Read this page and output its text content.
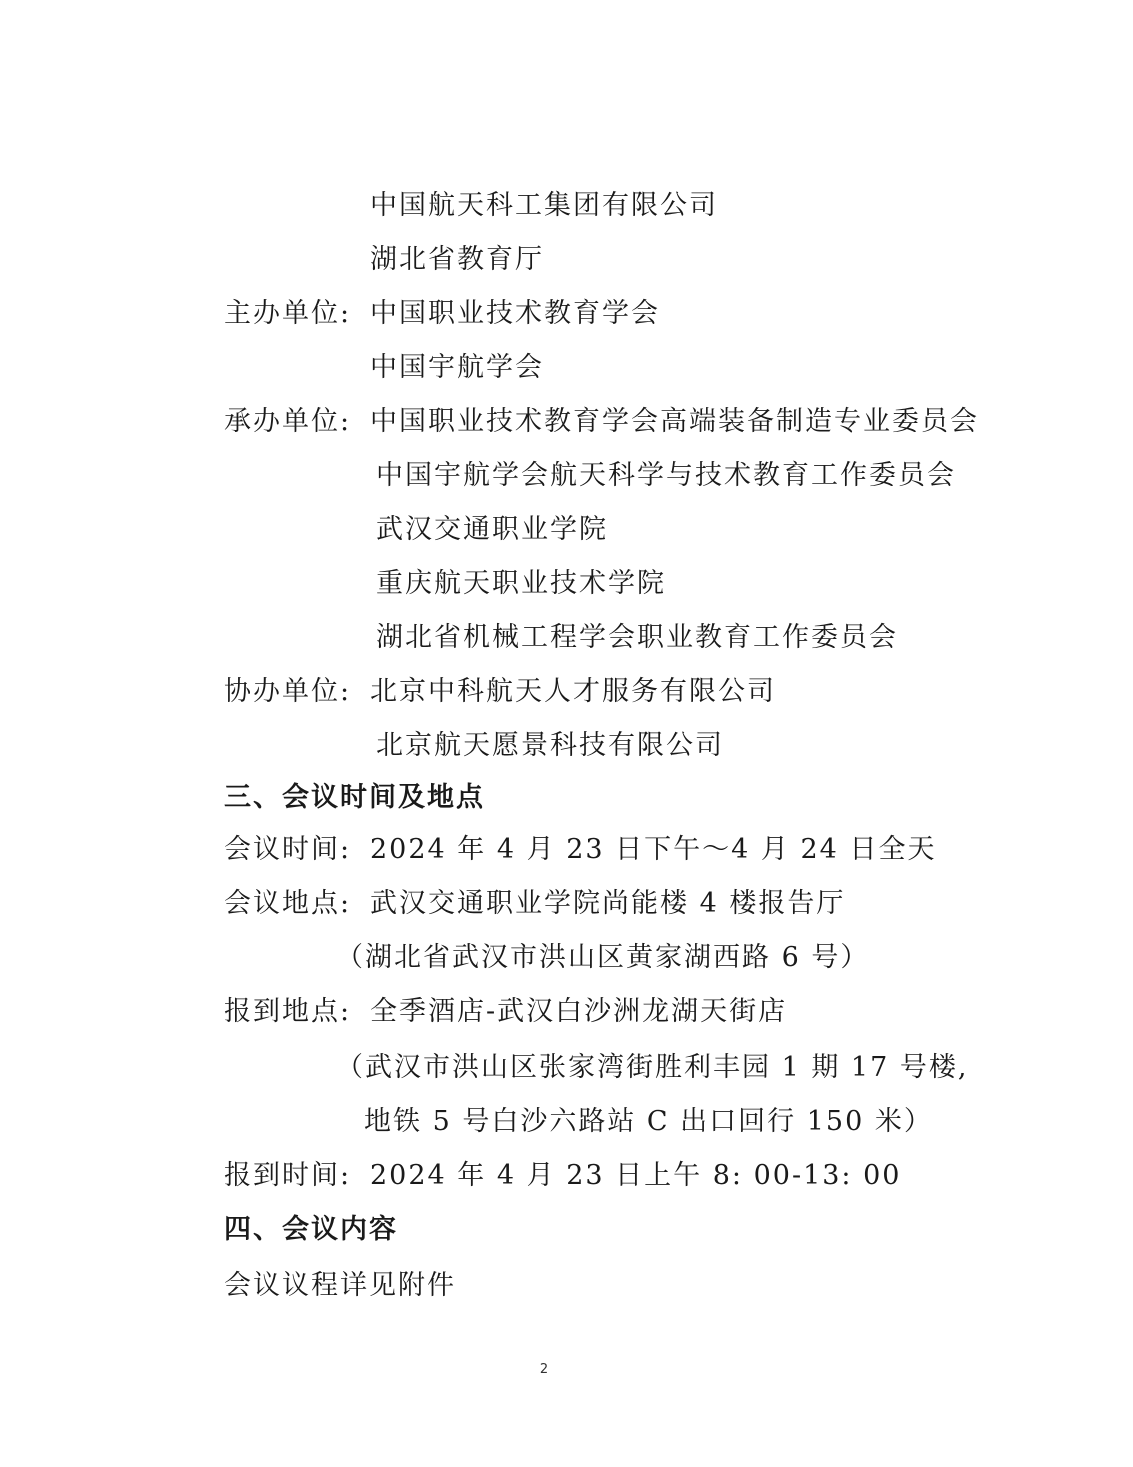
中国航天科工集团有限公司
湖北省教育厅
主办单位: 中国职业技术教育学会
中国宇航学会
承办单位: 中国职业技术教育学会高端装备制造专业委员会
中国宇航学会航天科学与技术教育工作委员会
武汉交通职业学院
重庆航天职业技术学院
湖北省机械工程学会职业教育工作委员会
协办单位: 北京中科航天人才服务有限公司
北京航天愿景科技有限公司
三、会议时间及地点
会议时间: 2024 年 4 月 23 日下午～4 月 24 日全天
会议地点: 武汉交通职业学院尚能楼 4 楼报告厅
（湖北省武汉市洪山区黄家湖西路 6 号）
报到地点: 全季酒店-武汉白沙洲龙湖天街店
（武汉市洪山区张家湾街胜利丰园 1 期 17 号楼,
地铁 5 号白沙六路站 C 出口回行 150 米）
报到时间: 2024 年 4 月 23 日上午 8: 00-13: 00
四、会议内容
会议议程详见附件
2
